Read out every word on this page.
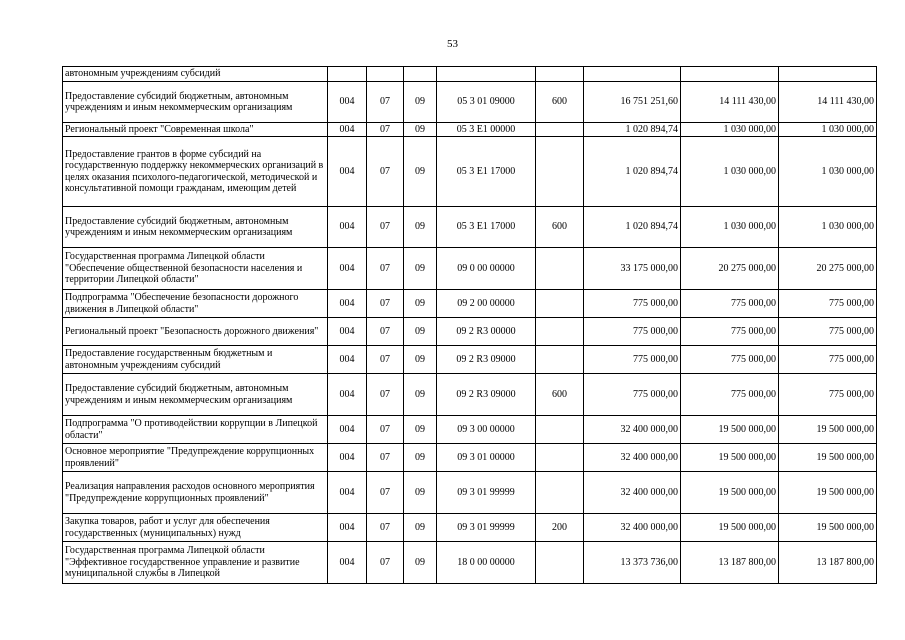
53
автономным учреждениям субсидий								
Предоставление субсидий бюджетным, автономным учреждениям и иным некоммерческим организациям	004	07	09	05 3 01 09000	600	16 751 251,60	14 111 430,00	14 111 430,00
Региональный проект "Современная школа"	004	07	09	05 3 E1 00000		1 020 894,74	1 030 000,00	1 030 000,00
Предоставление грантов в форме субсидий на государственную поддержку некоммерческих организаций в целях оказания психолого-педагогической, методической и консультативной помощи гражданам, имеющим детей	004	07	09	05 3 E1 17000		1 020 894,74	1 030 000,00	1 030 000,00
Предоставление субсидий бюджетным, автономным учреждениям и иным некоммерческим организациям	004	07	09	05 3 E1 17000	600	1 020 894,74	1 030 000,00	1 030 000,00
Государственная программа Липецкой области "Обеспечение общественной безопасности населения и территории Липецкой области"	004	07	09	09 0 00 00000		33 175 000,00	20 275 000,00	20 275 000,00
Подпрограмма "Обеспечение безопасности дорожного движения в Липецкой области"	004	07	09	09 2 00 00000		775 000,00	775 000,00	775 000,00
Региональный проект "Безопасность дорожного движения"	004	07	09	09 2 R3 00000		775 000,00	775 000,00	775 000,00
Предоставление государственным бюджетным и автономным учреждениям субсидий	004	07	09	09 2 R3 09000		775 000,00	775 000,00	775 000,00
Предоставление субсидий бюджетным, автономным учреждениям и иным некоммерческим организациям	004	07	09	09 2 R3 09000	600	775 000,00	775 000,00	775 000,00
Подпрограмма "О противодействии коррупции в Липецкой области"	004	07	09	09 3 00 00000		32 400 000,00	19 500 000,00	19 500 000,00
Основное мероприятие "Предупреждение коррупционных проявлений"	004	07	09	09 3 01 00000		32 400 000,00	19 500 000,00	19 500 000,00
Реализация направления расходов основного мероприятия "Предупреждение коррупционных проявлений"	004	07	09	09 3 01 99999		32 400 000,00	19 500 000,00	19 500 000,00
Закупка товаров, работ и услуг для обеспечения государственных (муниципальных) нужд	004	07	09	09 3 01 99999	200	32 400 000,00	19 500 000,00	19 500 000,00
Государственная программа Липецкой области "Эффективное государственное управление и развитие муниципальной службы в Липецкой	004	07	09	18 0 00 00000		13 373 736,00	13 187 800,00	13 187 800,00
